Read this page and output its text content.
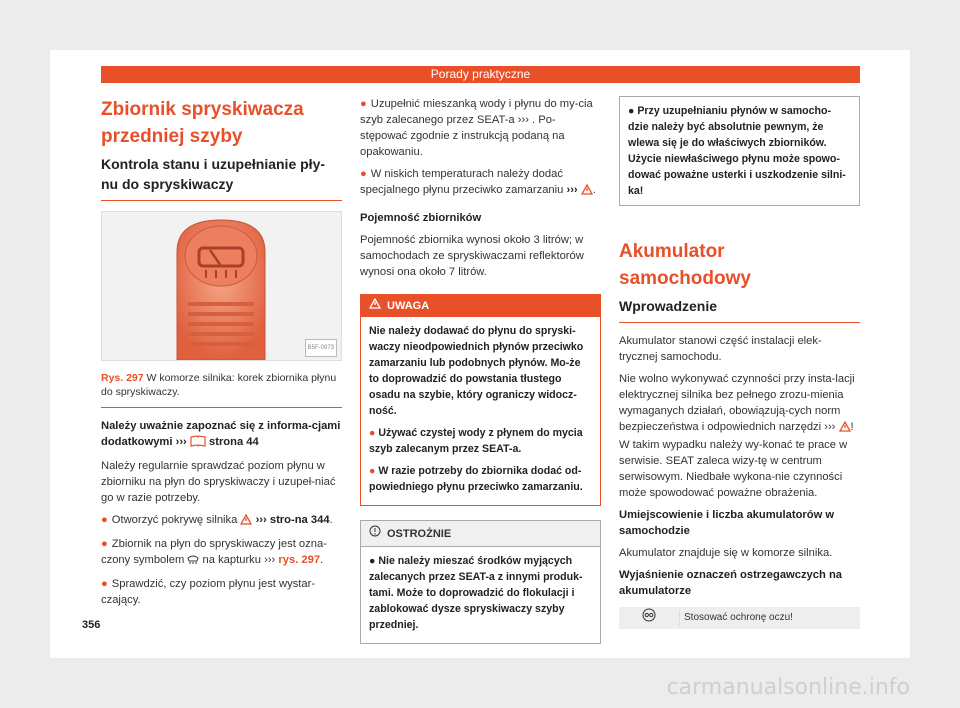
Porady praktyczne
Zbiornik spryskiwacza przedniej szyby
Kontrola stanu i uzupełnianie pły-nu do spryskiwaczy
B5F-0973
Rys. 297 W komorze silnika: korek zbiornika płynu do spryskiwaczy.

Należy uważnie zapoznać się z informa-cjami dodatkowymi ››› strona 44

Należy regularnie sprawdzać poziom płynu w zbiorniku na płyn do spryskiwaczy i uzupeł-niać go w razie potrzeby.

● Otworzyć pokrywę silnika ››› stro-na 344.

● Zbiornik na płyn do spryskiwaczy jest ozna-czony symbolem na kapturku ››› rys. 297.

● Sprawdzić, czy poziom płynu jest wystar-czający.

● Uzupełnić mieszanką wody i płynu do my-cia szyb zalecanego przez SEAT-a ››› . Po-stępować zgodnie z instrukcją podaną na opakowaniu.

● W niskich temperaturach należy dodać specjalnego płynu przeciwko zamarzaniu ››› .

Pojemność zbiorników

Pojemność zbiornika wynosi około 3 litrów; w samochodach ze spryskiwaczami reflektorów wynosi ona około 7 litrów.

UWAGA

Nie należy dodawać do płynu do spryski-waczy nieodpowiednich płynów przeciwko zamarzaniu lub podobnych płynów. Mo-że to doprowadzić do powstania tłustego osadu na szybie, który ograniczy widocz-ność.

● Używać czystej wody z płynem do mycia szyb zalecanym przez SEAT-a.

● W razie potrzeby do zbiornika dodać od-powiedniego płynu przeciwko zamarzaniu.

OSTROŻNIE

● Nie należy mieszać środków myjących zalecanych przez SEAT-a z innymi produk-tami. Może to doprowadzić do flokulacji i zablokować dysze spryskiwaczy szyby przedniej.

● Przy uzupełnianiu płynów w samocho-dzie należy być absolutnie pewnym, że wlewa się je do właściwych zbiorników. Użycie niewłaściwego płynu może spowo-dować poważne usterki i uszkodzenie silni-ka!
Akumulator samochodowy
Wprowadzenie

Akumulator stanowi część instalacji elek-trycznej samochodu.

Nie wolno wykonywać czynności przy insta-lacji elektrycznej silnika bez pełnego zrozu-mienia wymaganych działań, obowiązują-cych norm bezpieczeństwa i odpowiednich narzędzi ››› ! W takim wypadku należy wy-konać te prace w serwisie. SEAT zaleca wizy-tę w centrum serwisowym. Niedbałe wykona-nie czynności może spowodować poważne obrażenia.

Umiejscowienie i liczba akumulatorów w samochodzie

Akumulator znajduje się w komorze silnika.

Wyjaśnienie oznaczeń ostrzegawczych na akumulatorze

Stosować ochronę oczu!
356
carmanualsonline.info
